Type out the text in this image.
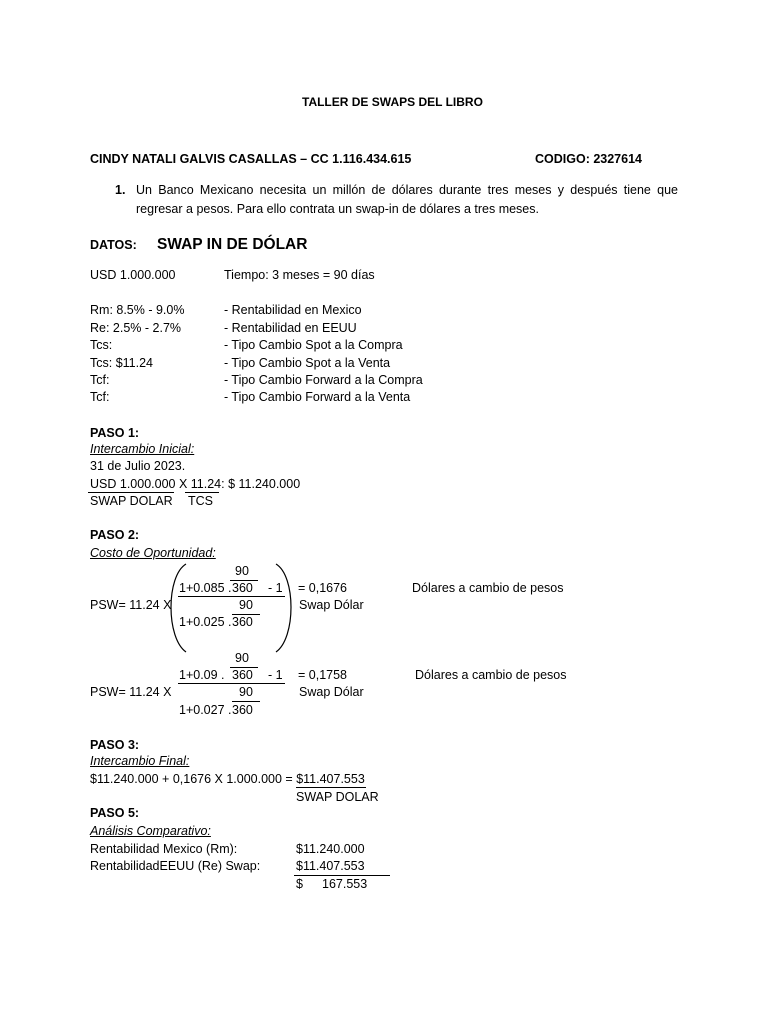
TALLER DE SWAPS DEL LIBRO
CINDY NATALI GALVIS CASALLAS – CC 1.116.434.615	CODIGO: 2327614
1. Un Banco Mexicano necesita un millón de dólares durante tres meses y después tiene que regresar a pesos. Para ello contrata un swap-in de dólares a tres meses.
DATOS: SWAP IN DE DÓLAR
USD 1.000.000	Tiempo: 3 meses = 90 días
Rm: 8.5% - 9.0%	- Rentabilidad en Mexico
Re: 2.5% - 2.7%	- Rentabilidad en EEUU
Tcs:	- Tipo Cambio Spot a la Compra
Tcs: $11.24	- Tipo Cambio Spot a la Venta
Tcf:	- Tipo Cambio Forward a la Compra
Tcf:	- Tipo Cambio Forward a la Venta
PASO 1:
Intercambio Inicial:
31 de Julio 2023.
USD 1.000.000 X 11.24: $ 11.240.000
SWAP DOLAR TCS
PASO 2:
Costo de Oportunidad:
90
1+0.085 . 360 - 1 = 0,1676	Dólares a cambio de pesos
PSW= 11.24 X	90	Swap Dólar
1+0.025 . 360
90
1+0.09 . 360 - 1 = 0,1758	Dólares a cambio de pesos
PSW= 11.24 X	90	Swap Dólar
1+0.027 . 360
PASO 3:
Intercambio Final:
$11.240.000 + 0,1676 X 1.000.000 = $11.407.553
SWAP DOLAR
PASO 5:
Análisis Comparativo:
Rentabilidad Mexico (Rm):	$11.240.000
RentabilidadEEUU (Re) Swap:	$11.407.553
$ 167.553
